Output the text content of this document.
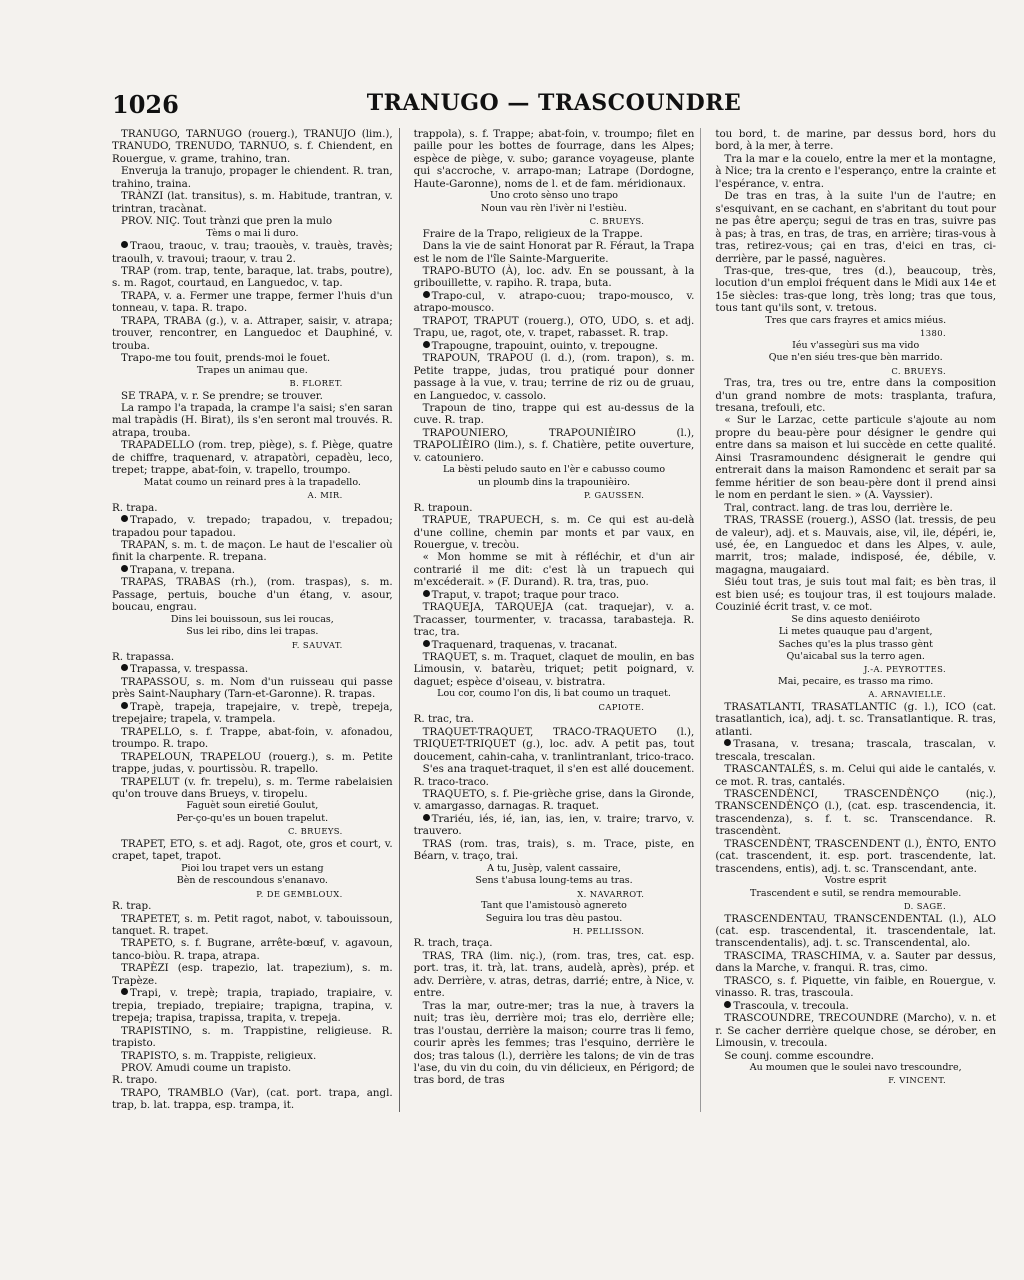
1026	TRANUGO — TRASCOUNDRE

TRANUGO, TARNUGO (rouerg.), TRANUJO (lim.), TRANUDO, TRENUDO, TARNUO, s. f. Chiendent, en Rouergue, v. grame, trahino, tran.

Enveruja la tranujo, propager le chiendent. R. tran, trahino, traina.

TRÀNZI (lat. transitus), s. m. Habitude, trantran, v. trintran, tracànat.

PROV. NIÇ. Tout trànzi que pren la mulo

Tèms o mai li duro.

Traou, traouc, v. trau; traouès, v. trauès, travès; traoulh, v. travoui; traour, v. trau 2.

TRAP (rom. trap, tente, baraque, lat. trabs, poutre), s. m. Ragot, courtaud, en Languedoc, v. tap.

TRAPA, v. a. Fermer une trappe, fermer l'huis d'un tonneau, v. tapa. R. trapo.

TRAPA, TRABA (g.), v. a. Attraper, saisir, v. atrapa; trouver, rencontrer, en Languedoc et Dauphiné, v. trouba.

Trapo-me tou fouit, prends-moi le fouet.

Trapes un animau que.

B. FLORET.

SE TRAPA, v. r. Se prendre; se trouver.

La rampo l'a trapada, la crampe l'a saisi; s'en saran mal trapàdis (H. Birat), ils s'en seront mal trouvés. R. atrapa, trouba.

TRAPADELLO (rom. trep, piège), s. f. Piège, quatre de chiffre, traquenard, v. atrapatòri, cepadèu, leco, trepet; trappe, abat-foin, v. trapello, troumpo.

Matat coumo un reinard pres à la trapadello.

A. MIR.

R. trapa.

Trapado, v. trepado; trapadou, v. trepadou; trapadou pour tapadou.

TRAPAN, s. m. t. de maçon. Le haut de l'escalier où finit la charpente. R. trepana.

Trapana, v. trepana.

TRAPAS, TRABAS (rh.), (rom. traspas), s. m. Passage, pertuis, bouche d'un étang, v. asour, boucau, engrau.

Dins lei bouissoun, sus lei roucas,

Sus lei ribo, dins lei trapas.

F. SAUVAT.

R. trapassa.

Trapassa, v. trespassa.

TRAPASSOU, s. m. Nom d'un ruisseau qui passe près Saint-Nauphary (Tarn-et-Garonne). R. trapas.

Trapè, trapeja, trapejaire, v. trepè, trepeja, trepejaire; trapela, v. trampela.

TRAPELLO, s. f. Trappe, abat-foin, v. afonadou, troumpo. R. trapo.

TRAPELOUN, TRAPELOU (rouerg.), s. m. Petite trappe, judas, v. pourtissòu. R. trapello.

TRAPELUT (v. fr. trepelu), s. m. Terme rabelaisien qu'on trouve dans Brueys, v. tiropelu.

Faguèt soun eiretié Goulut,

Per-ço-qu'es un bouen trapelut.

C. BRUEYS.

TRAPET, ETO, s. et adj. Ragot, ote, gros et court, v. crapet, tapet, trapot.

Pioi lou trapet vers un estang

Bèn de rescoundous s'enanavo.

P. DE GEMBLOUX.

R. trap.

TRAPETET, s. m. Petit ragot, nabot, v. tabouissoun, tanquet. R. trapet.

TRAPETO, s. f. Bugrane, arrête-bœuf, v. agavoun, tanco-biòu. R. trapa, atrapa.

TRAPÈZI (esp. trapezio, lat. trapezium), s. m. Trapèze.

Trapi, v. trepè; trapia, trapiado, trapiaire, v. trepia, trepiado, trepiaire; trapigna, trapina, v. trepeja; trapisa, trapissa, trapita, v. trepeja.

TRAPISTINO, s. m. Trappistine, religieuse. R. trapisto.

TRAPISTO, s. m. Trappiste, religieux.

PROV. Amudi coume un trapisto.

R. trapo.

TRAPO, TRAMBLO (Var), (cat. port. trapa, angl. trap, b. lat. trappa, esp. trampa, it.

trappola), s. f. Trappe; abat-foin, v. troumpo; filet en paille pour les bottes de fourrage, dans les Alpes; espèce de piège, v. subo; garance voyageuse, plante qui s'accroche, v. arrapo-man; Latrape (Dordogne, Haute-Garonne), noms de l. et de fam. méridionaux.

Uno croto sènso uno trapo

Noun vau rèn l'ivèr ni l'estièu.

C. BRUEYS.

Fraire de la Trapo, religieux de la Trappe.

Dans la vie de saint Honorat par R. Féraut, la Trapa est le nom de l'île Sainte-Marguerite.

TRAPO-BUTO (À), loc. adv. En se poussant, à la gribouillette, v. rapiho. R. trapa, buta.

Trapo-cul, v. atrapo-cuou; trapo-mousco, v. atrapo-mousco.

TRAPOT, TRAPUT (rouerg.), OTO, UDO, s. et adj. Trapu, ue, ragot, ote, v. trapet, rabasset. R. trap.

Trapougne, trapouint, ouinto, v. trepougne.

TRAPOUN, TRAPOU (l. d.), (rom. trapon), s. m. Petite trappe, judas, trou pratiqué pour donner passage à la vue, v. trau; terrine de riz ou de gruau, en Languedoc, v. cassolo.

Trapoun de tino, trappe qui est au-dessus de la cuve. R. trap.

TRAPOUNIERO, TRAPOUNIÈIRO (l.), TRAPOLIÈIRO (lim.), s. f. Chatière, petite ouverture, v. catouniero.

La bèsti peludo sauto en l'èr e cabusso coumo

un ploumb dins la trapounièiro.

P. GAUSSEN.

R. trapoun.

TRAPUE, TRAPUECH, s. m. Ce qui est au-delà d'une colline, chemin par monts et par vaux, en Rouergue, v. trecòu.

« Mon homme se mit à réfléchir, et d'un air contrarié il me dit: c'est là un trapuech qui m'excéderait. » (F. Durand). R. tra, tras, puo.

Traput, v. trapot; traque pour traco.

TRAQUEJA, TARQUEJA (cat. traquejar), v. a. Tracasser, tourmenter, v. tracassa, tarabasteja. R. trac, tra.

Traquenard, traquenas, v. tracanat.

TRAQUET, s. m. Traquet, claquet de moulin, en bas Limousin, v. batarèu, triquet; petit poignard, v. daguet; espèce d'oiseau, v. bistratra.

Lou cor, coumo l'on dis, li bat coumo un traquet.

CAPIOTE.

R. trac, tra.

TRAQUET-TRAQUET, TRACO-TRAQUETO (l.), TRIQUET-TRIQUET (g.), loc. adv. A petit pas, tout doucement, cahin-caha, v. tranlintranlant, trico-traco.

S'es ana traquet-traquet, il s'en est allé doucement. R. traco-traco.

TRAQUETO, s. f. Pie-grièche grise, dans la Gironde, v. amargasso, darnagas. R. traquet.

Trariéu, iés, ié, ian, ias, ien, v. traire; trarvo, v. trauvero.

TRAS (rom. tras, trais), s. m. Trace, piste, en Béarn, v. traço, trai.

A tu, Jusèp, valent cassaire,

Sens t'abusa loung-tems au tras.

X. NAVARROT.

Tant que l'amistousò agnereto

Seguira lou tras dèu pastou.

H. PELLISSON.

R. trach, traça.

TRAS, TRA (lim. niç.), (rom. tras, tres, cat. esp. port. tras, it. trà, lat. trans, audelà, après), prép. et adv. Derrière, v. atras, detras, darrié; entre, à Nice, v. entre.

Tras la mar, outre-mer; tras la nue, à travers la nuit; tras ièu, derrière moi; tras elo, derrière elle; tras l'oustau, derrière la maison; courre tras li femo, courir après les femmes; tras l'esquino, derrière le dos; tras talous (l.), derrière les talons; de vin de tras l'ase, du vin du coin, du vin délicieux, en Périgord; de tras bord, de tras

tou bord, t. de marine, par dessus bord, hors du bord, à la mer, à terre.

Tra la mar e la couelo, entre la mer et la montagne, à Nice; tra la crento e l'esperanço, entre la crainte et l'espérance, v. entra.

De tras en tras, à la suite l'un de l'autre; en s'esquivant, en se cachant, en s'abritant du tout pour ne pas être aperçu; segui de tras en tras, suivre pas à pas; à tras, en tras, de tras, en arrière; tiras-vous à tras, retirez-vous; çai en tras, d'eici en tras, ci-derrière, par le passé, naguères.

Tras-que, tres-que, tres (d.), beaucoup, très, locution d'un emploi fréquent dans le Midi aux 14e et 15e siècles: tras-que long, très long; tras que tous, tous tant qu'ils sont, v. tretous.

Tres que cars frayres et amics miéus.

1380.

Iéu v'assegùri sus ma vido

Que n'en siéu tres-que bèn marrido.

C. BRUEYS.

Tras, tra, tres ou tre, entre dans la composition d'un grand nombre de mots: trasplanta, trafura, tresana, trefouli, etc.

« Sur le Larzac, cette particule s'ajoute au nom propre du beau-père pour désigner le gendre qui entre dans sa maison et lui succède en cette qualité. Ainsi Trasramoundenc désignerait le gendre qui entrerait dans la maison Ramondenc et serait par sa femme héritier de son beau-père dont il prend ainsi le nom en perdant le sien. » (A. Vayssier).

Tral, contract. lang. de tras lou, derrière le.

TRAS, TRASSE (rouerg.), ASSO (lat. tressis, de peu de valeur), adj. et s. Mauvais, aise, vil, ile, dépéri, ie, usé, ée, en Languedoc et dans les Alpes, v. aule, marrit, tros; malade, indisposé, ée, débile, v. magagna, maugaiard.

Siéu tout tras, je suis tout mal fait; es bèn tras, il est bien usé; es toujour tras, il est toujours malade. Couzinié écrit trast, v. ce mot.

Se dins aquesto deniéiroto

Li metes quauque pau d'argent,

Saches qu'es la plus trasso gènt

Qu'aicabal sus la terro agen.

J.-A. PEYROTTES.

Mai, pecaire, es trasso ma rimo.

A. ARNAVIELLE.

TRASATLANTI, TRASATLANTIC (g. l.), ICO (cat. trasatlantich, ica), adj. t. sc. Transatlantique. R. tras, atlanti.

Trasana, v. tresana; trascala, trascalan, v. trescala, trescalan.

TRASCANTALÉS, s. m. Celui qui aide le cantalés, v. ce mot. R. tras, cantalés.

TRASCENDÈNCI, TRASCENDÈNÇO (niç.), TRANSCENDÈNÇO (l.), (cat. esp. trascendencia, it. trascendenza), s. f. t. sc. Transcendance. R. trascendènt.

TRASCENDÈNT, TRASCENDENT (l.), ÈNTO, ENTO (cat. trascendent, it. esp. port. trascendente, lat. trascendens, entis), adj. t. sc. Transcendant, ante.

Vostre esprit

Trascendent e sutil, se rendra memourable.

D. SAGE.

TRASCENDENTAU, TRANSCENDENTAL (l.), ALO (cat. esp. trascendental, it. trascendentale, lat. transcendentalis), adj. t. sc. Transcendental, alo.

TRASCIMA, TRASCHIMA, v. a. Sauter par dessus, dans la Marche, v. franqui. R. tras, cimo.

TRASCO, s. f. Piquette, vin faible, en Rouergue, v. vinasso. R. tras, trascoula.

Trascoula, v. trecoula.

TRASCOUNDRE, TRECOUNDRE (Marcho), v. n. et r. Se cacher derrière quelque chose, se dérober, en Limousin, v. trecoula.

Se counj. comme escoundre.

Au moumen que le soulei navo trescoundre,

F. VINCENT.
